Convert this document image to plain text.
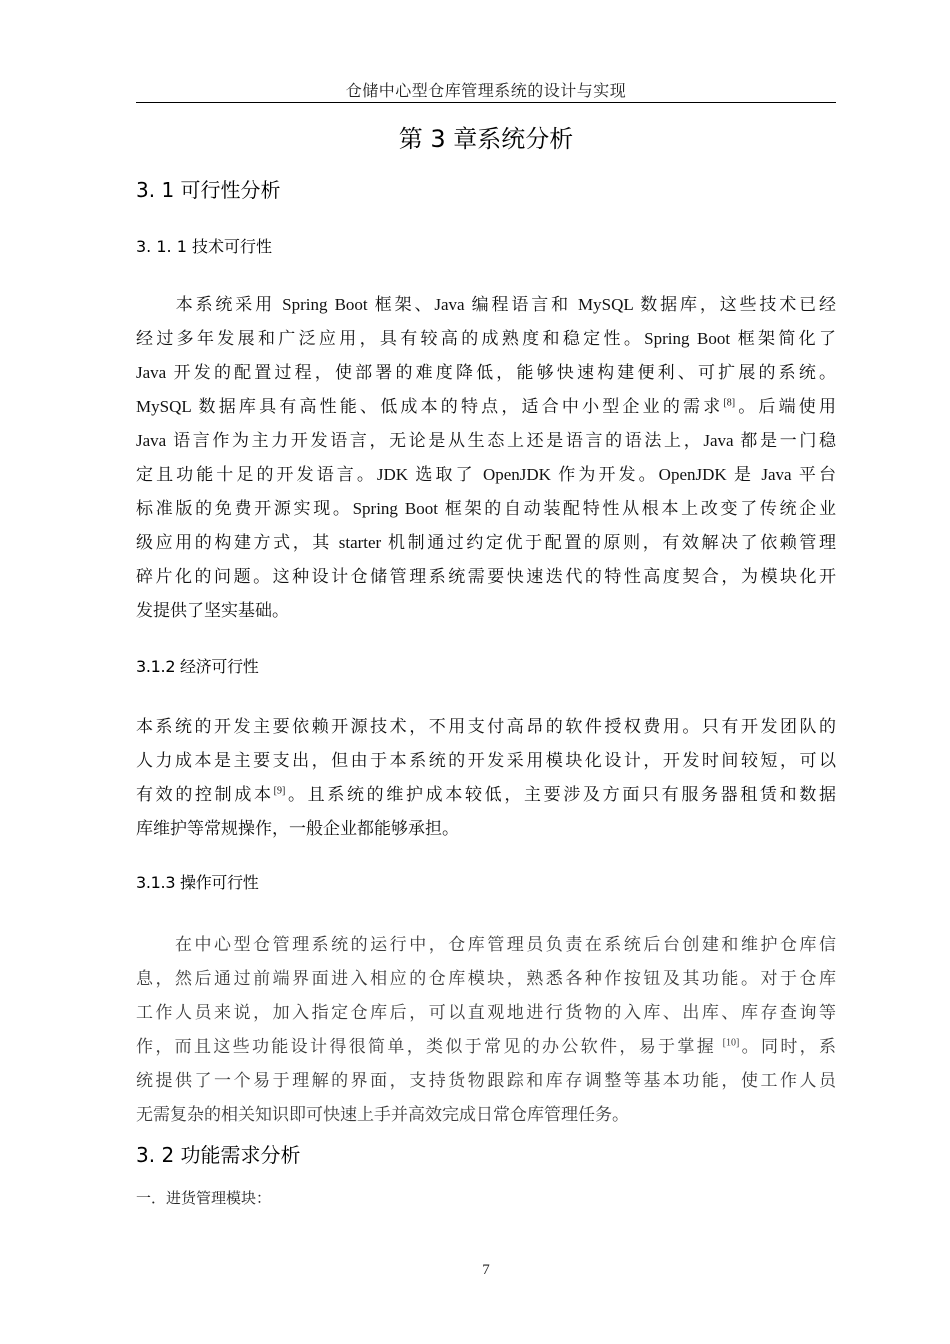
仓储中心型仓库管理系统的设计与实现
第 3 章系统分析
3. 1 可行性分析
3. 1. 1 技术可行性
　　本系统采用 Spring Boot 框架、Java 编程语言和 MySQL 数据库，这些技术已经
经过多年发展和广泛应用，具有较高的成熟度和稳定性。Spring Boot 框架简化了
Java 开发的配置过程，使部署的难度降低，能够快速构建便利、可扩展的系统。
MySQL 数据库具有高性能、低成本的特点，适合中小型企业的需求[8]。后端使用
Java 语言作为主力开发语言，无论是从生态上还是语言的语法上，Java 都是一门稳
定且功能十足的开发语言。JDK 选取了 OpenJDK 作为开发。OpenJDK 是 Java 平台
标准版的免费开源实现。Spring Boot 框架的自动装配特性从根本上改变了传统企业
级应用的构建方式，其 starter 机制通过约定优于配置的原则，有效解决了依赖管理
碎片化的问题。这种设计仓储管理系统需要快速迭代的特性高度契合，为模块化开
发提供了坚实基础。
3.1.2 经济可行性
本系统的开发主要依赖开源技术，不用支付高昂的软件授权费用。只有开发团队的
人力成本是主要支出，但由于本系统的开发采用模块化设计，开发时间较短，可以
有效的控制成本[9]。且系统的维护成本较低，主要涉及方面只有服务器租赁和数据
库维护等常规操作，一般企业都能够承担。
3.1.3 操作可行性
　　在中心型仓管理系统的运行中，仓库管理员负责在系统后台创建和维护仓库信
息，然后通过前端界面进入相应的仓库模块，熟悉各种作按钮及其功能。对于仓库
工作人员来说，加入指定仓库后，可以直观地进行货物的入库、出库、库存查询等
作，而且这些功能设计得很简单，类似于常见的办公软件，易于掌握 [10]。同时，系
统提供了一个易于理解的界面，支持货物跟踪和库存调整等基本功能，使工作人员
无需复杂的相关知识即可快速上手并高效完成日常仓库管理任务。
3. 2 功能需求分析
一．进货管理模块：
7
